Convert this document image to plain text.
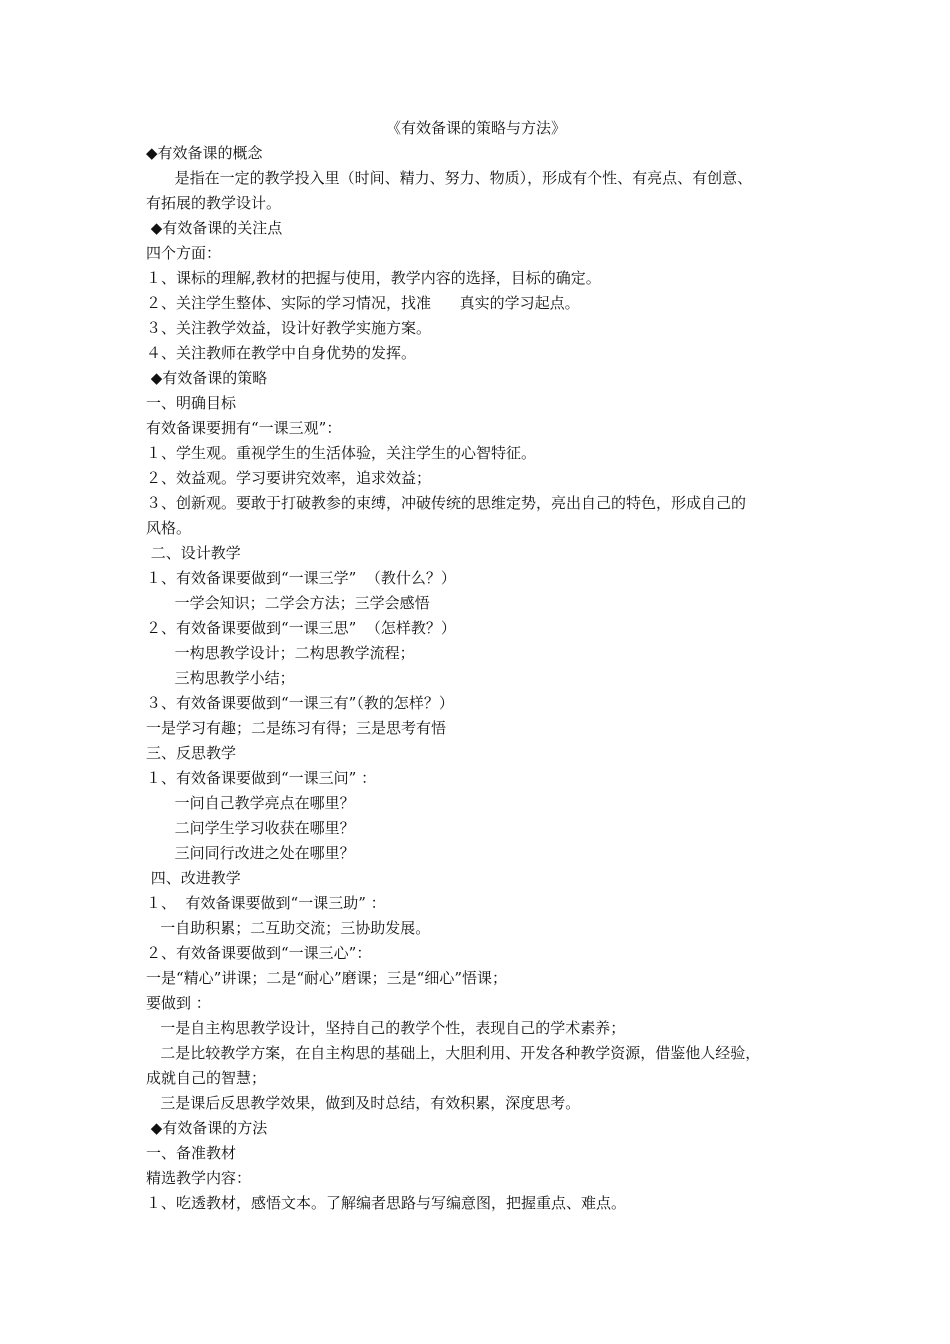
《有效备课的策略与方法》
◆有效备课的概念
是指在一定的教学投入里（时间、精力、努力、物质），形成有个性、有亮点、有创意、
有拓展的教学设计。
◆有效备课的关注点
四个方面：
１、课标的理解,教材的把握与使用，教学内容的选择，目标的确定。
２、关注学生整体、实际的学习情况，找准      真实的学习起点。
３、关注教学效益，设计好教学实施方案。
４、关注教师在教学中自身优势的发挥。
◆有效备课的策略
一、明确目标
有效备课要拥有“一课三观”：
１、学生观。重视学生的生活体验，关注学生的心智特征。
２、效益观。学习要讲究效率，追求效益；
３、创新观。要敢于打破教参的束缚，冲破传统的思维定势，亮出自己的特色，形成自己的
风格。
二、设计教学
１、有效备课要做到“一课三学”  （教什么？）
一学会知识；二学会方法；三学会感悟
２、有效备课要做到“一课三思”  （怎样教？）
一构思教学设计；二构思教学流程；
三构思教学小结；
３、有效备课要做到“一课三有”（教的怎样？）
一是学习有趣；二是练习有得；三是思考有悟
三、反思教学
１、有效备课要做到“一课三问” ：
一问自己教学亮点在哪里？
二问学生学习收获在哪里？
三问同行改进之处在哪里？
四、改进教学
１、  有效备课要做到“一课三助” ：
一自助积累；二互助交流；三协助发展。
２、有效备课要做到“一课三心”：
一是“精心”讲课；二是“耐心”磨课；三是“细心”悟课；
要做到 ：
一是自主构思教学设计，坚持自己的教学个性，表现自己的学术素养；
二是比较教学方案，在自主构思的基础上，大胆利用、开发各种教学资源，借鉴他人经验，
成就自己的智慧；
三是课后反思教学效果，做到及时总结，有效积累，深度思考。
◆有效备课的方法
一、备准教材
精选教学内容：
１、吃透教材，感悟文本。了解编者思路与写编意图，把握重点、难点。
